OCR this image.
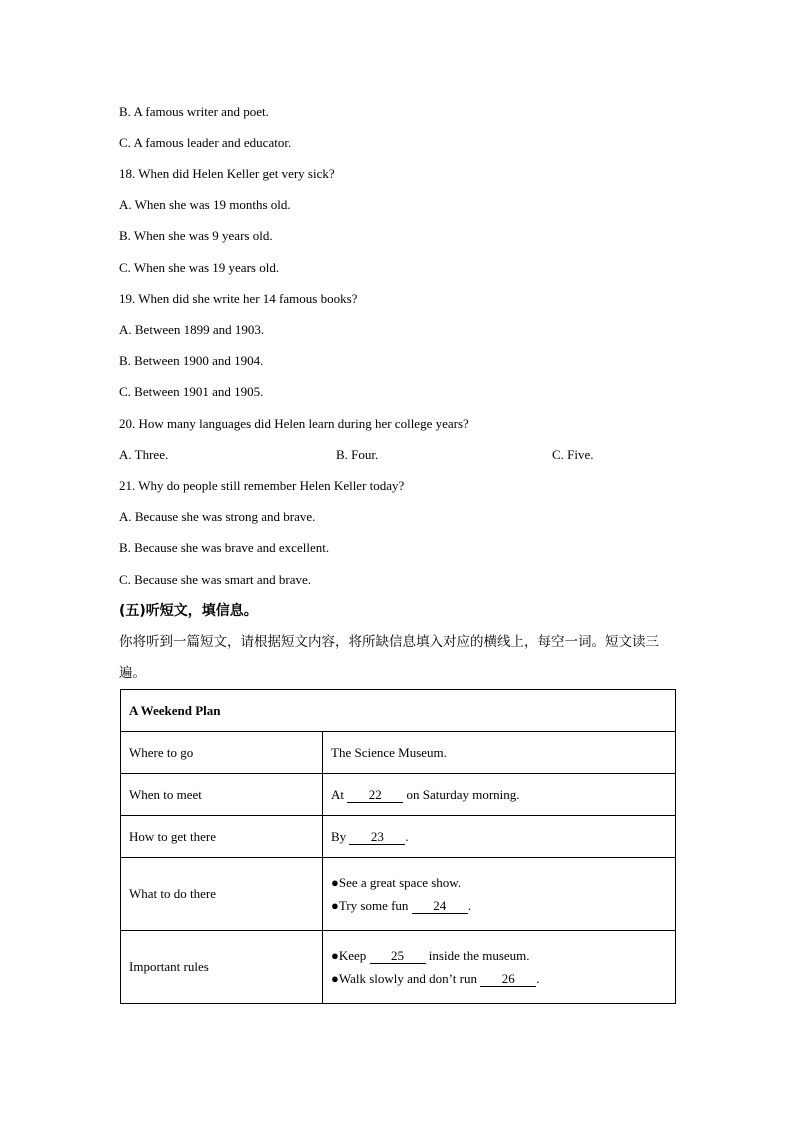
B. A famous writer and poet.
C. A famous leader and educator.
18. When did Helen Keller get very sick?
A. When she was 19 months old.
B. When she was 9 years old.
C. When she was 19 years old.
19. When did she write her 14 famous books?
A. Between 1899 and 1903.
B. Between 1900 and 1904.
C. Between 1901 and 1905.
20. How many languages did Helen learn during her college years?
A. Three.	B. Four.	C. Five.
21. Why do people still remember Helen Keller today?
A. Because she was strong and brave.
B. Because she was brave and excellent.
C. Because she was smart and brave.
(五)听短文，填信息。
你将听到一篇短文，请根据短文内容，将所缺信息填入对应的横线上，每空一词。短文读三
遍。
A Weekend Plan	
Where to go	The Science Museum.
When to meet	At 22 on Saturday morning.
How to get there	By 23 .
What to do there	●See a great space show.
●Try some fun 24 .

Important rules	●Keep 25 inside the museum.
●Walk slowly and don’t run 26 .
